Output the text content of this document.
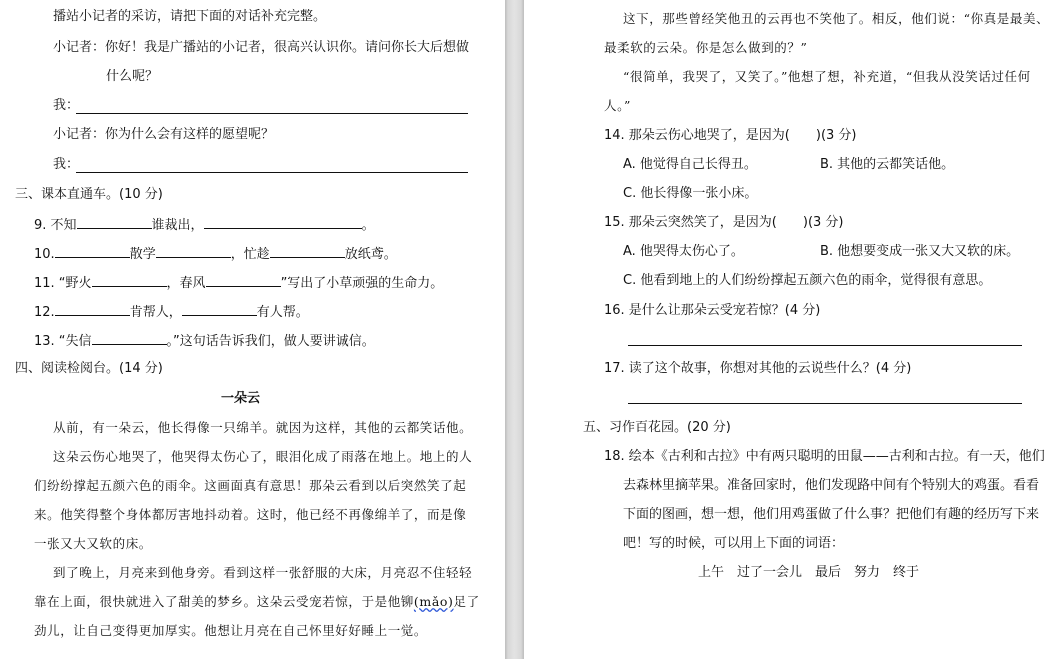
播站小记者的采访，请把下面的对话补充完整。
小记者：你好！我是广播站的小记者，很高兴认识你。请问你长大后想做
什么呢？
我：
小记者：你为什么会有这样的愿望呢？
我：
三、课本直通车。(10 分)
9. 不知	谁裁出，	。
10.	散学	，忙趁	放纸鸢。
11. “野火	，春风	”写出了小草顽强的生命力。
12.	肯帮人，	有人帮。
13. “失信	。”这句话告诉我们，做人要讲诚信。
四、阅读检阅台。(14 分)
一朵云
从前，有一朵云，他长得像一只绵羊。就因为这样，其他的云都笑话他。
这朵云伤心地哭了，他哭得太伤心了，眼泪化成了雨落在地上。地上的人
们纷纷撑起五颜六色的雨伞。这画面真有意思！那朵云看到以后突然笑了起
来。他笑得整个身体都厉害地抖动着。这时，他已经不再像绵羊了，而是像
一张又大又软的床。
到了晚上，月亮来到他身旁。看到这样一张舒服的大床，月亮忍不住轻轻
靠在上面，很快就进入了甜美的梦乡。这朵云受宠若惊，于是他铆(mǎo)足了
劲儿，让自己变得更加厚实。他想让月亮在自己怀里好好睡上一觉。
这下，那些曾经笑他丑的云再也不笑他了。相反，他们说：“你真是最美、
最柔软的云朵。你是怎么做到的？”
“很简单，我哭了，又笑了。”他想了想，补充道，“但我从没笑话过任何
人。”
14. 那朵云伤心地哭了，是因为(　　)(3 分)
A. 他觉得自己长得丑。	B. 其他的云都笑话他。
C. 他长得像一张小床。
15. 那朵云突然笑了，是因为(　　)(3 分)
A. 他哭得太伤心了。	B. 他想要变成一张又大又软的床。
C. 他看到地上的人们纷纷撑起五颜六色的雨伞，觉得很有意思。
16. 是什么让那朵云受宠若惊？(4 分)
17. 读了这个故事，你想对其他的云说些什么？(4 分)
五、习作百花园。(20 分)
18. 绘本《古利和古拉》中有两只聪明的田鼠——古利和古拉。有一天，他们
去森林里摘苹果。准备回家时，他们发现路中间有个特别大的鸡蛋。看看
下面的图画，想一想，他们用鸡蛋做了什么事？把他们有趣的经历写下来
吧！写的时候，可以用上下面的词语：
上午　过了一会儿　最后　努力　终于
